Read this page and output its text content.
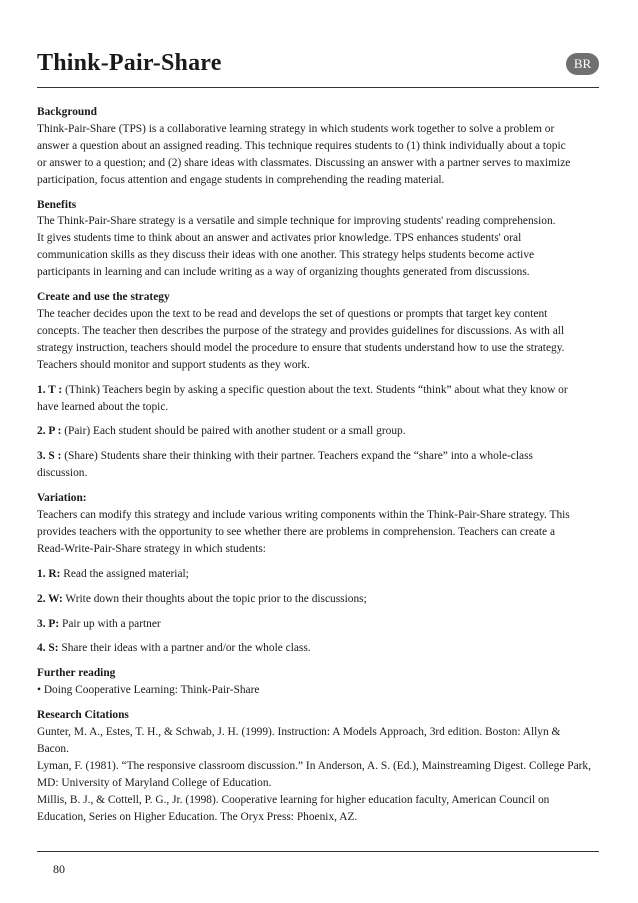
Think-Pair-Share	BR

Background

Think-Pair-Share (TPS) is a collaborative learning strategy in which students work together to solve a problem or

answer a question about an assigned reading. This technique requires students to (1) think individually about a topic

or answer to a question; and (2) share ideas with classmates. Discussing an answer with a partner serves to maximize

participation, focus attention and engage students in comprehending the reading material.

Benefits

The Think-Pair-Share strategy is a versatile and simple technique for improving students' reading comprehension.

It gives students time to think about an answer and activates prior knowledge. TPS enhances students' oral

communication skills as they discuss their ideas with one another. This strategy helps students become active

participants in learning and can include writing as a way of organizing thoughts generated from discussions.

Create and use the strategy

The teacher decides upon the text to be read and develops the set of questions or prompts that target key content

concepts. The teacher then describes the purpose of the strategy and provides guidelines for discussions. As with all

strategy instruction, teachers should model the procedure to ensure that students understand how to use the strategy.

Teachers should monitor and support students as they work.

1. T : (Think) Teachers begin by asking a specific question about the text. Students “think” about what they know or

have learned about the topic.

2. P : (Pair) Each student should be paired with another student or a small group.

3. S : (Share) Students share their thinking with their partner. Teachers expand the “share” into a whole-class

discussion.

Variation:

Teachers can modify this strategy and include various writing components within the Think-Pair-Share strategy. This

provides teachers with the opportunity to see whether there are problems in comprehension. Teachers can create a

Read-Write-Pair-Share strategy in which students:

1. R: Read the assigned material;

2. W: Write down their thoughts about the topic prior to the discussions;

3. P: Pair up with a partner

4. S: Share their ideas with a partner and/or the whole class.

Further reading

• Doing Cooperative Learning: Think-Pair-Share

Research Citations

Gunter, M. A., Estes, T. H., & Schwab, J. H. (1999). Instruction: A Models Approach, 3rd edition. Boston: Allyn &

Bacon.

Lyman, F. (1981). “The responsive classroom discussion.” In Anderson, A. S. (Ed.), Mainstreaming Digest. College Park,

MD: University of Maryland College of Education.

Millis, B. J., & Cottell, P. G., Jr. (1998). Cooperative learning for higher education faculty, American Council on

Education, Series on Higher Education. The Oryx Press: Phoenix, AZ.

80
